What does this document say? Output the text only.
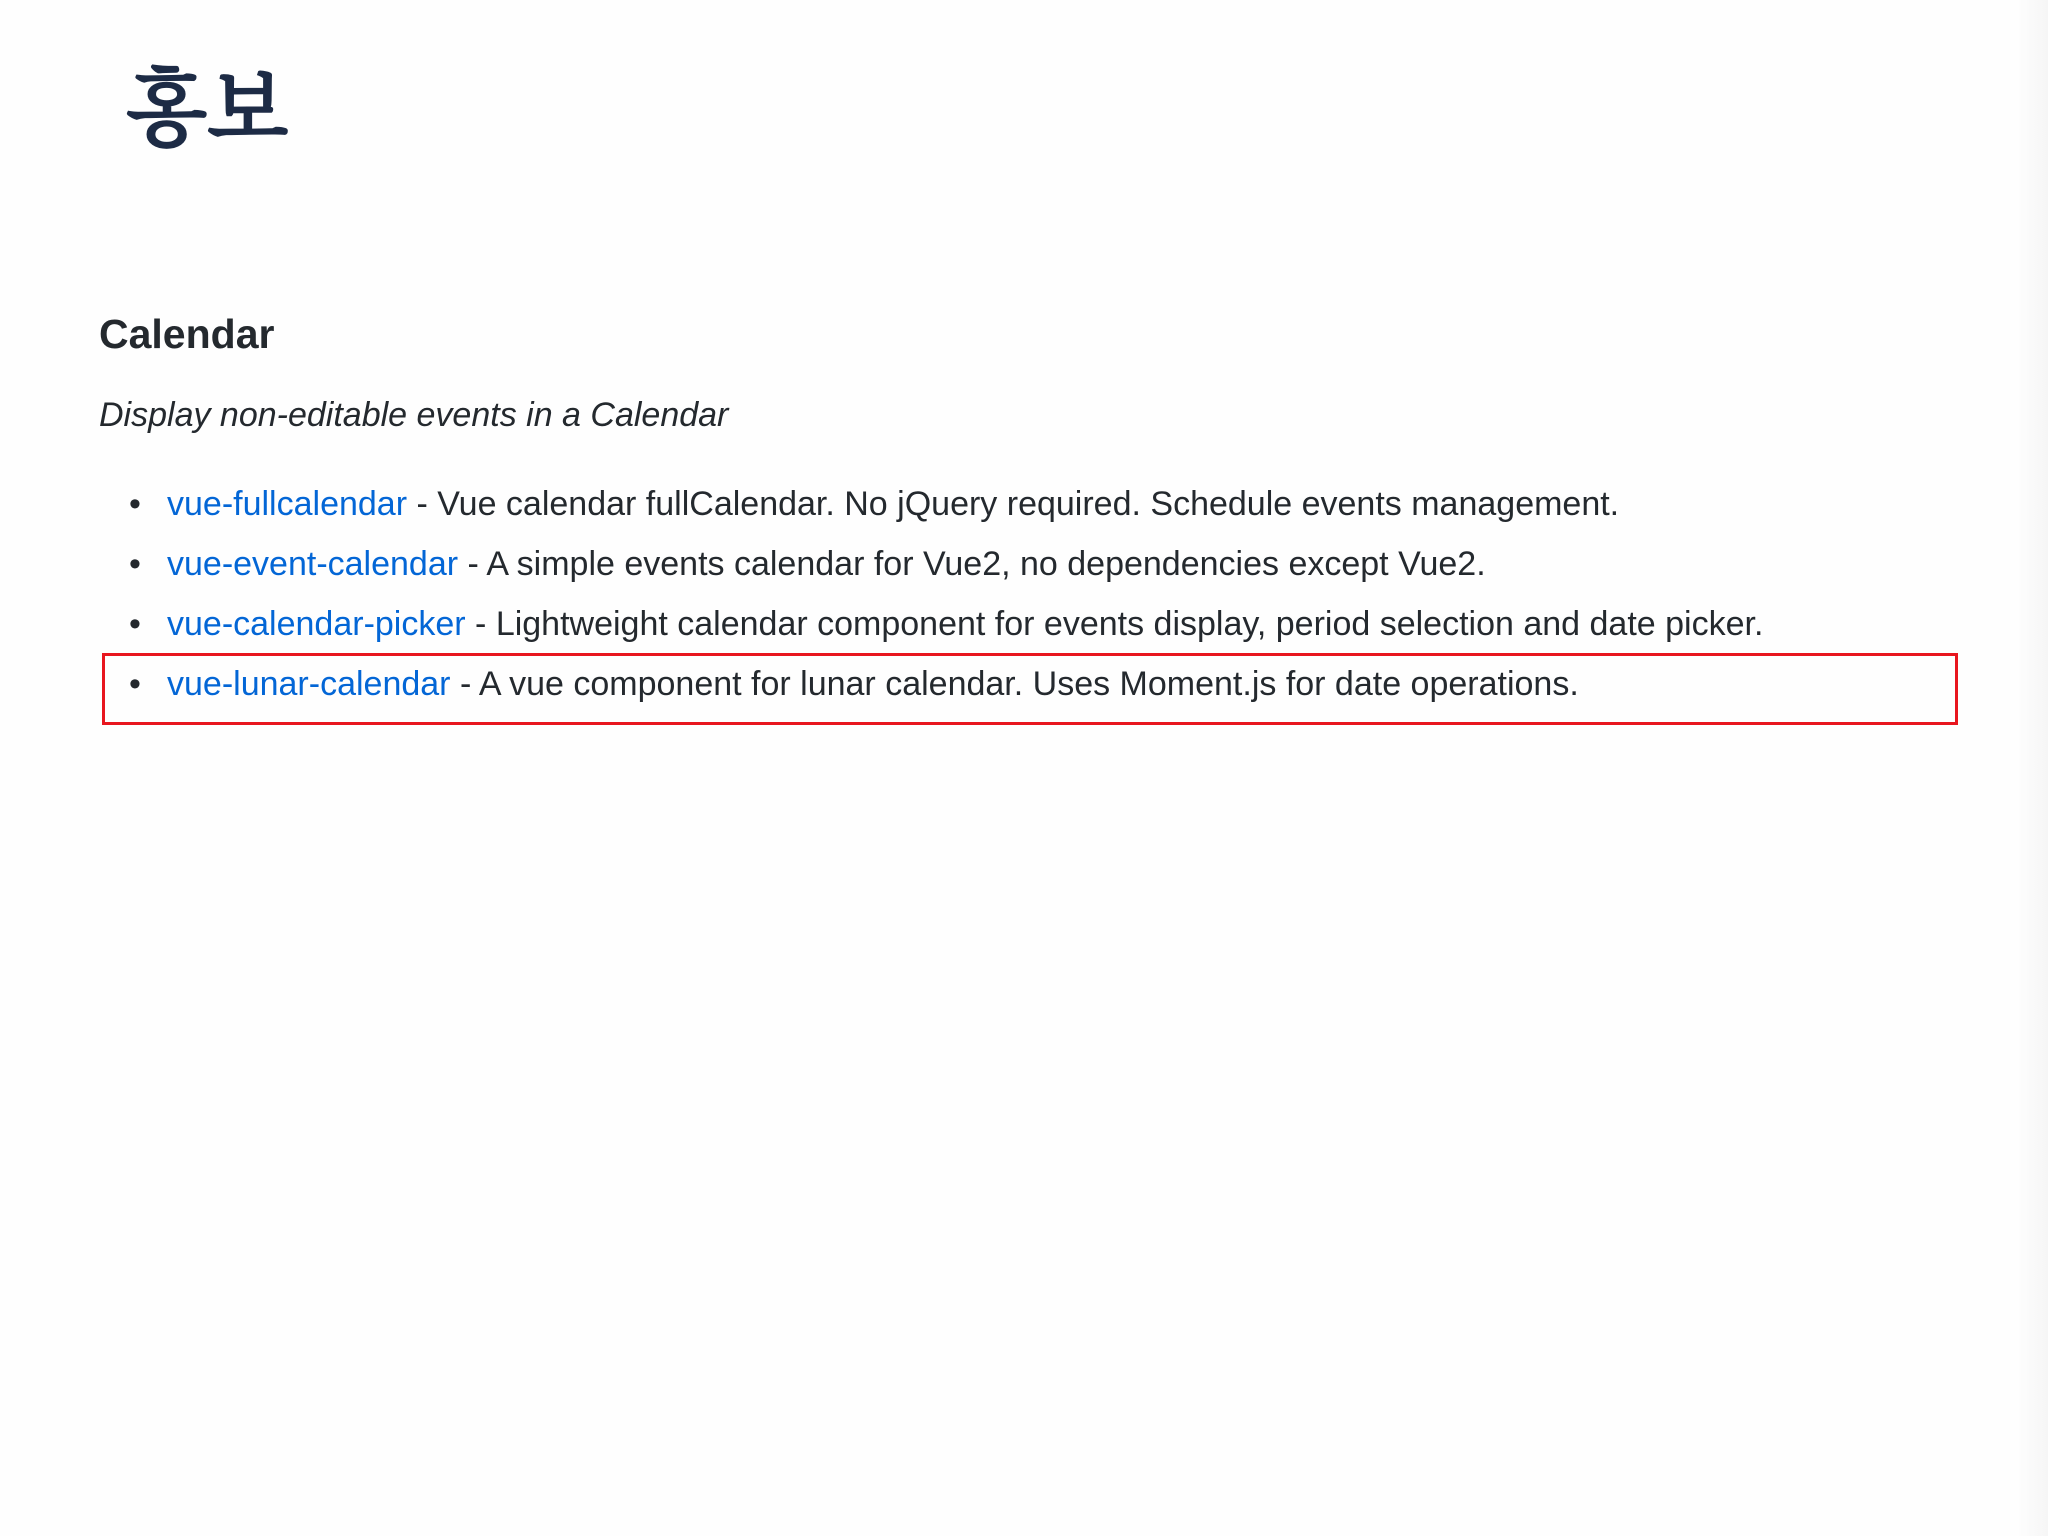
홍보
Calendar

Display non-editable events in a Calendar

• vue-fullcalendar - Vue calendar fullCalendar. No jQuery required. Schedule events management.
• vue-event-calendar - A simple events calendar for Vue2, no dependencies except Vue2.
• vue-calendar-picker - Lightweight calendar component for events display, period selection and date picker.
• vue-lunar-calendar - A vue component for lunar calendar. Uses Moment.js for date operations.
